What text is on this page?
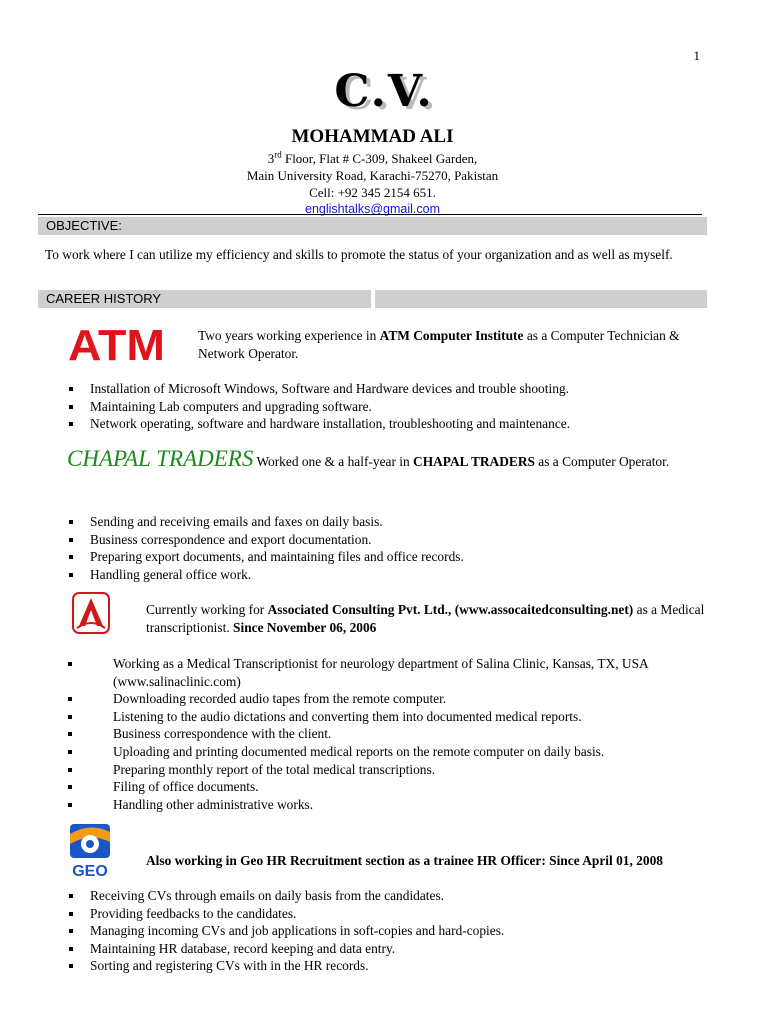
1
C.V.
MOHAMMAD ALI
3rd Floor, Flat # C-309, Shakeel Garden,
Main University Road, Karachi-75270, Pakistan
Cell: +92 345 2154 651.
englishtalks@gmail.com
OBJECTIVE:
To work where I can utilize my efficiency and skills to promote the status of your organization and as well as myself.
CAREER HISTORY
ATM Two years working experience in ATM Computer Institute as a Computer Technician & Network Operator.
Installation of Microsoft Windows, Software and Hardware devices and trouble shooting.
Maintaining Lab computers and upgrading software.
Network operating, software and hardware installation, troubleshooting and maintenance.
CHAPAL TRADERS Worked one & a half-year in CHAPAL TRADERS as a Computer Operator.
Sending and receiving emails and faxes on daily basis.
Business correspondence and export documentation.
Preparing export documents, and maintaining files and office records.
Handling general office work.
Currently working for Associated Consulting Pvt. Ltd., (www.assocaitedconsulting.net) as a Medical transcriptionist. Since November 06, 2006
Working as a Medical Transcriptionist for neurology department of Salina Clinic, Kansas, TX, USA (www.salinaclinic.com)
Downloading recorded audio tapes from the remote computer.
Listening to the audio dictations and converting them into documented medical reports.
Business correspondence with the client.
Uploading and printing documented medical reports on the remote computer on daily basis.
Preparing monthly report of the total medical transcriptions.
Filing of office documents.
Handling other administrative works.
GEO
Also working in Geo HR Recruitment section as a trainee HR Officer: Since April 01, 2008
Receiving CVs through emails on daily basis from the candidates.
Providing feedbacks to the candidates.
Managing incoming CVs and job applications in soft-copies and hard-copies.
Maintaining HR database, record keeping and data entry.
Sorting and registering CVs with in the HR records.
